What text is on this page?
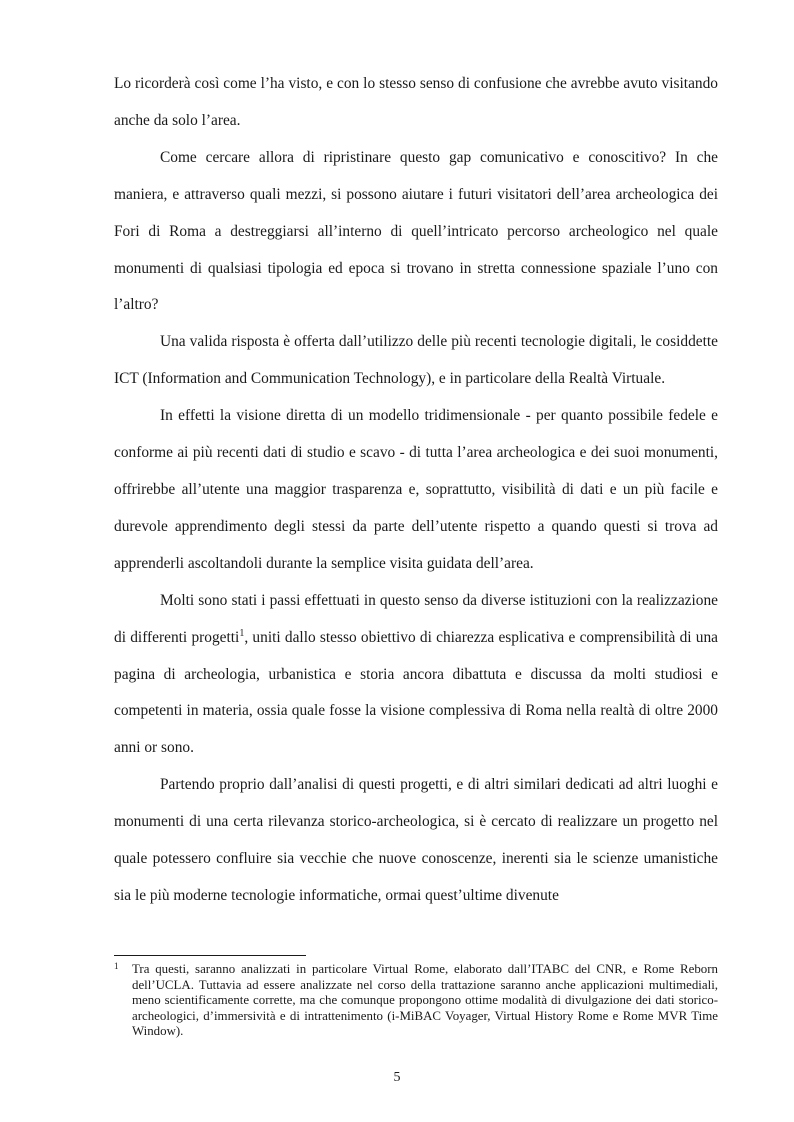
Lo ricorderà così come l’ha visto, e con lo stesso senso di confusione che avrebbe avuto visitando anche da solo l’area.

Come cercare allora di ripristinare questo gap comunicativo e conoscitivo? In che maniera, e attraverso quali mezzi, si possono aiutare i futuri visitatori dell’area archeologica dei Fori di Roma a destreggiarsi all’interno di quell’intricato percorso archeologico nel quale monumenti di qualsiasi tipologia ed epoca si trovano in stretta connessione spaziale l’uno con l’altro?

Una valida risposta è offerta dall’utilizzo delle più recenti tecnologie digitali, le cosiddette ICT (Information and Communication Technology), e in particolare della Realtà Virtuale.

In effetti la visione diretta di un modello tridimensionale - per quanto possibile fedele e conforme ai più recenti dati di studio e scavo - di tutta l’area archeologica e dei suoi monumenti, offrirebbe all’utente una maggior trasparenza e, soprattutto, visibilità di dati e un più facile e durevole apprendimento degli stessi da parte dell’utente rispetto a quando questi si trova ad apprenderli ascoltandoli durante la semplice visita guidata dell’area.

Molti sono stati i passi effettuati in questo senso da diverse istituzioni con la realizzazione di differenti progetti$^1$, uniti dallo stesso obiettivo di chiarezza esplicativa e comprensibilità di una pagina di archeologia, urbanistica e storia ancora dibattuta e discussa da molti studiosi e competenti in materia, ossia quale fosse la visione complessiva di Roma nella realtà di oltre 2000 anni or sono.

Partendo proprio dall’analisi di questi progetti, e di altri similari dedicati ad altri luoghi e monumenti di una certa rilevanza storico-archeologica, si è cercato di realizzare un progetto nel quale potessero confluire sia vecchie che nuove conoscenze, inerenti sia le scienze umanistiche sia le più moderne tecnologie informatiche, ormai quest’ultime divenute

1 Tra questi, saranno analizzati in particolare Virtual Rome, elaborato dall’ITABC del CNR, e Rome Reborn dell’UCLA. Tuttavia ad essere analizzate nel corso della trattazione saranno anche applicazioni multimediali, meno scientificamente corrette, ma che comunque propongono ottime modalità di divulgazione dei dati storico-archeologici, d’immersività e di intrattenimento (i-MiBAC Voyager, Virtual History Rome e Rome MVR Time Window).
5
